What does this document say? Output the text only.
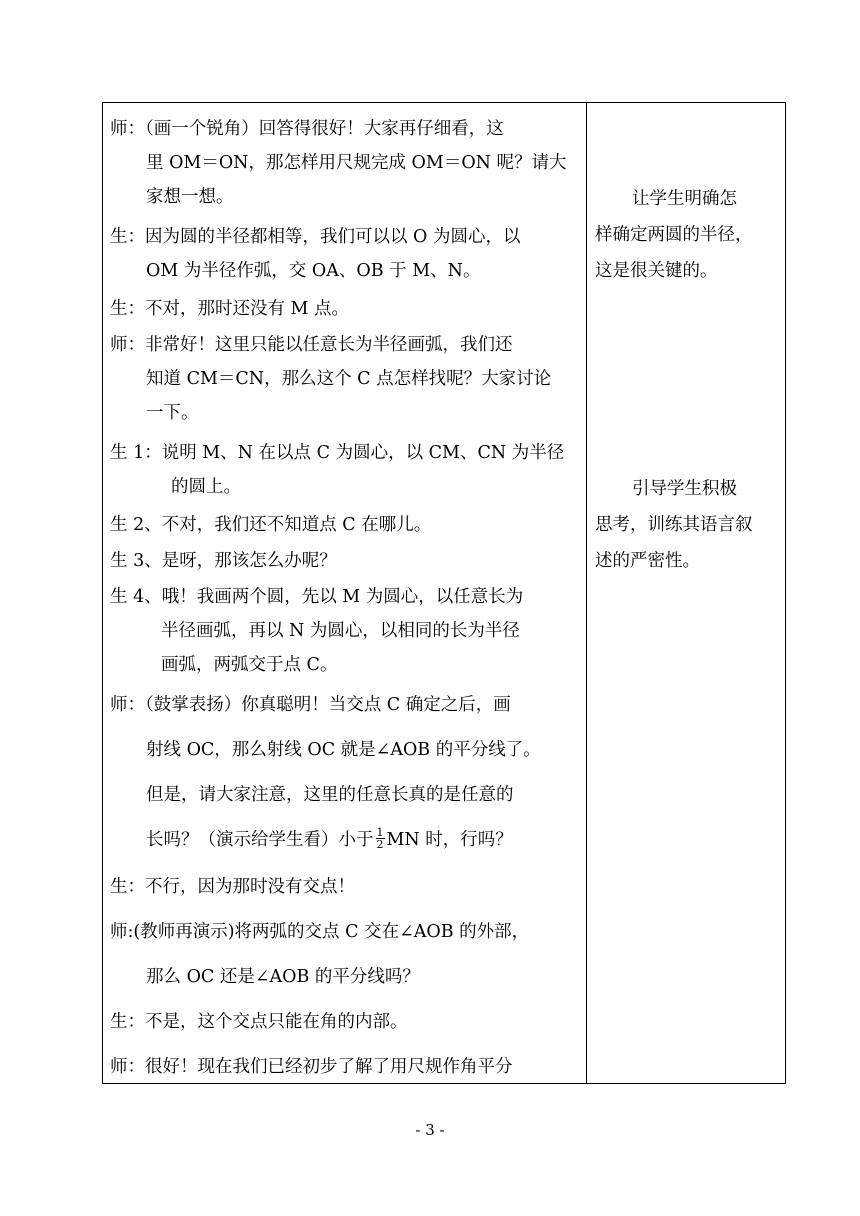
师：（画一个锐角）回答得很好！大家再仔细看，这
里 OM＝ON，那怎样用尺规完成 OM＝ON 呢？请大
家想一想。
生：因为圆的半径都相等，我们可以以 O 为圆心，以
OM 为半径作弧，交 OA、OB 于 M、N。
生：不对，那时还没有 M 点。
师：非常好！这里只能以任意长为半径画弧，我们还
知道 CM＝CN，那么这个 C 点怎样找呢？大家讨论
一下。
生 1：说明 M、N 在以点 C 为圆心，以 CM、CN 为半径
的圆上。
生 2、不对，我们还不知道点 C 在哪儿。
生 3、是呀，那该怎么办呢？
生 4、哦！我画两个圆，先以 M 为圆心，以任意长为
半径画弧，再以 N 为圆心，以相同的长为半径
画弧，两弧交于点 C。
师：（鼓掌表扬）你真聪明！当交点 C 确定之后，画
射线 OC，那么射线 OC 就是∠AOB 的平分线了。
但是，请大家注意，这里的任意长真的是任意的
长吗？（演示给学生看）小于 $\frac{1}{2}$ MN 时，行吗？
生：不行，因为那时没有交点！
师:(教师再演示)将两弧的交点 C 交在∠AOB 的外部，
那么 OC 还是∠AOB 的平分线吗？
生：不是，这个交点只能在角的内部。
师：很好！现在我们已经初步了解了用尺规作角平分
让学生明确怎
样确定两圆的半径，
这是很关键的。
引导学生积极
思考，训练其语言叙
述的严密性。
- 3 -
